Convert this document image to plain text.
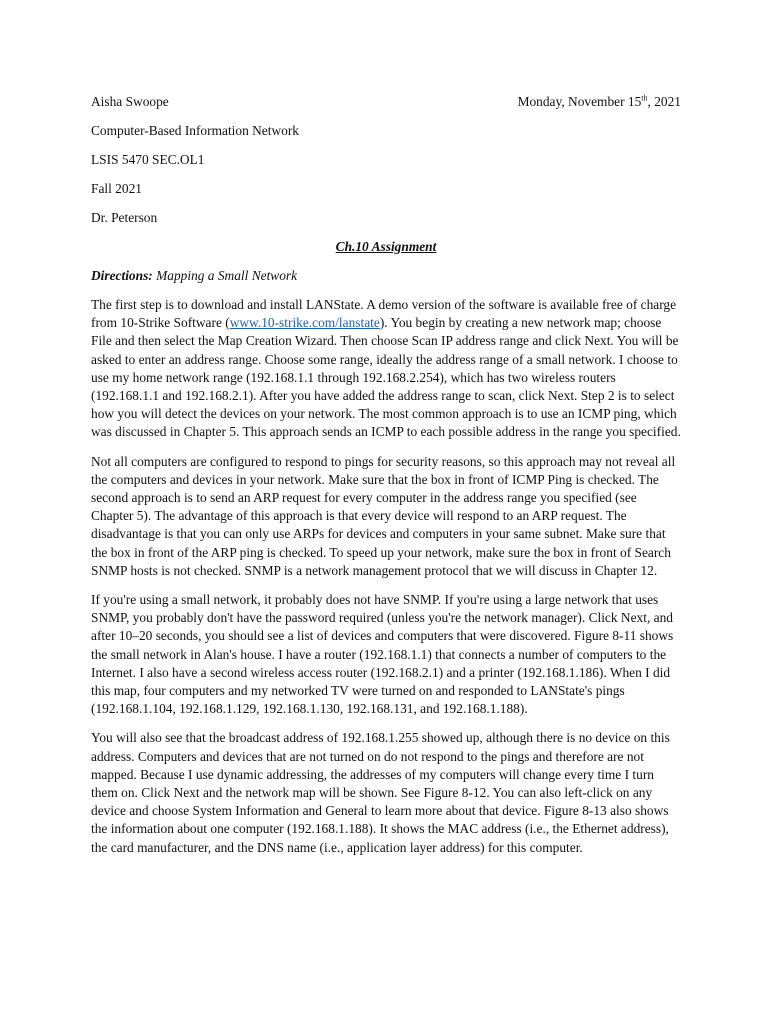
Aisha Swoope	Monday, November 15th, 2021
Computer-Based Information Network
LSIS 5470 SEC.OL1
Fall 2021
Dr. Peterson
Ch.10 Assignment
Directions: Mapping a Small Network

The first step is to download and install LANState. A demo version of the software is available free of charge from 10-Strike Software (www.10-strike.com/lanstate). You begin by creating a new network map; choose File and then select the Map Creation Wizard. Then choose Scan IP address range and click Next. You will be asked to enter an address range. Choose some range, ideally the address range of a small network. I choose to use my home network range (192.168.1.1 through 192.168.2.254), which has two wireless routers (192.168.1.1 and 192.168.2.1). After you have added the address range to scan, click Next. Step 2 is to select how you will detect the devices on your network. The most common approach is to use an ICMP ping, which was discussed in Chapter 5. This approach sends an ICMP to each possible address in the range you specified.

Not all computers are configured to respond to pings for security reasons, so this approach may not reveal all the computers and devices in your network. Make sure that the box in front of ICMP Ping is checked. The second approach is to send an ARP request for every computer in the address range you specified (see Chapter 5). The advantage of this approach is that every device will respond to an ARP request. The disadvantage is that you can only use ARPs for devices and computers in your same subnet. Make sure that the box in front of the ARP ping is checked. To speed up your network, make sure the box in front of Search SNMP hosts is not checked. SNMP is a network management protocol that we will discuss in Chapter 12.

If you're using a small network, it probably does not have SNMP. If you're using a large network that uses SNMP, you probably don't have the password required (unless you're the network manager). Click Next, and after 10–20 seconds, you should see a list of devices and computers that were discovered. Figure 8-11 shows the small network in Alan's house. I have a router (192.168.1.1) that connects a number of computers to the Internet. I also have a second wireless access router (192.168.2.1) and a printer (192.168.1.186). When I did this map, four computers and my networked TV were turned on and responded to LANState's pings (192.168.1.104, 192.168.1.129, 192.168.1.130, 192.168.131, and 192.168.1.188).

You will also see that the broadcast address of 192.168.1.255 showed up, although there is no device on this address. Computers and devices that are not turned on do not respond to the pings and therefore are not mapped. Because I use dynamic addressing, the addresses of my computers will change every time I turn them on. Click Next and the network map will be shown. See Figure 8-12. You can also left-click on any device and choose System Information and General to learn more about that device. Figure 8-13 also shows the information about one computer (192.168.1.188). It shows the MAC address (i.e., the Ethernet address), the card manufacturer, and the DNS name (i.e., application layer address) for this computer.
